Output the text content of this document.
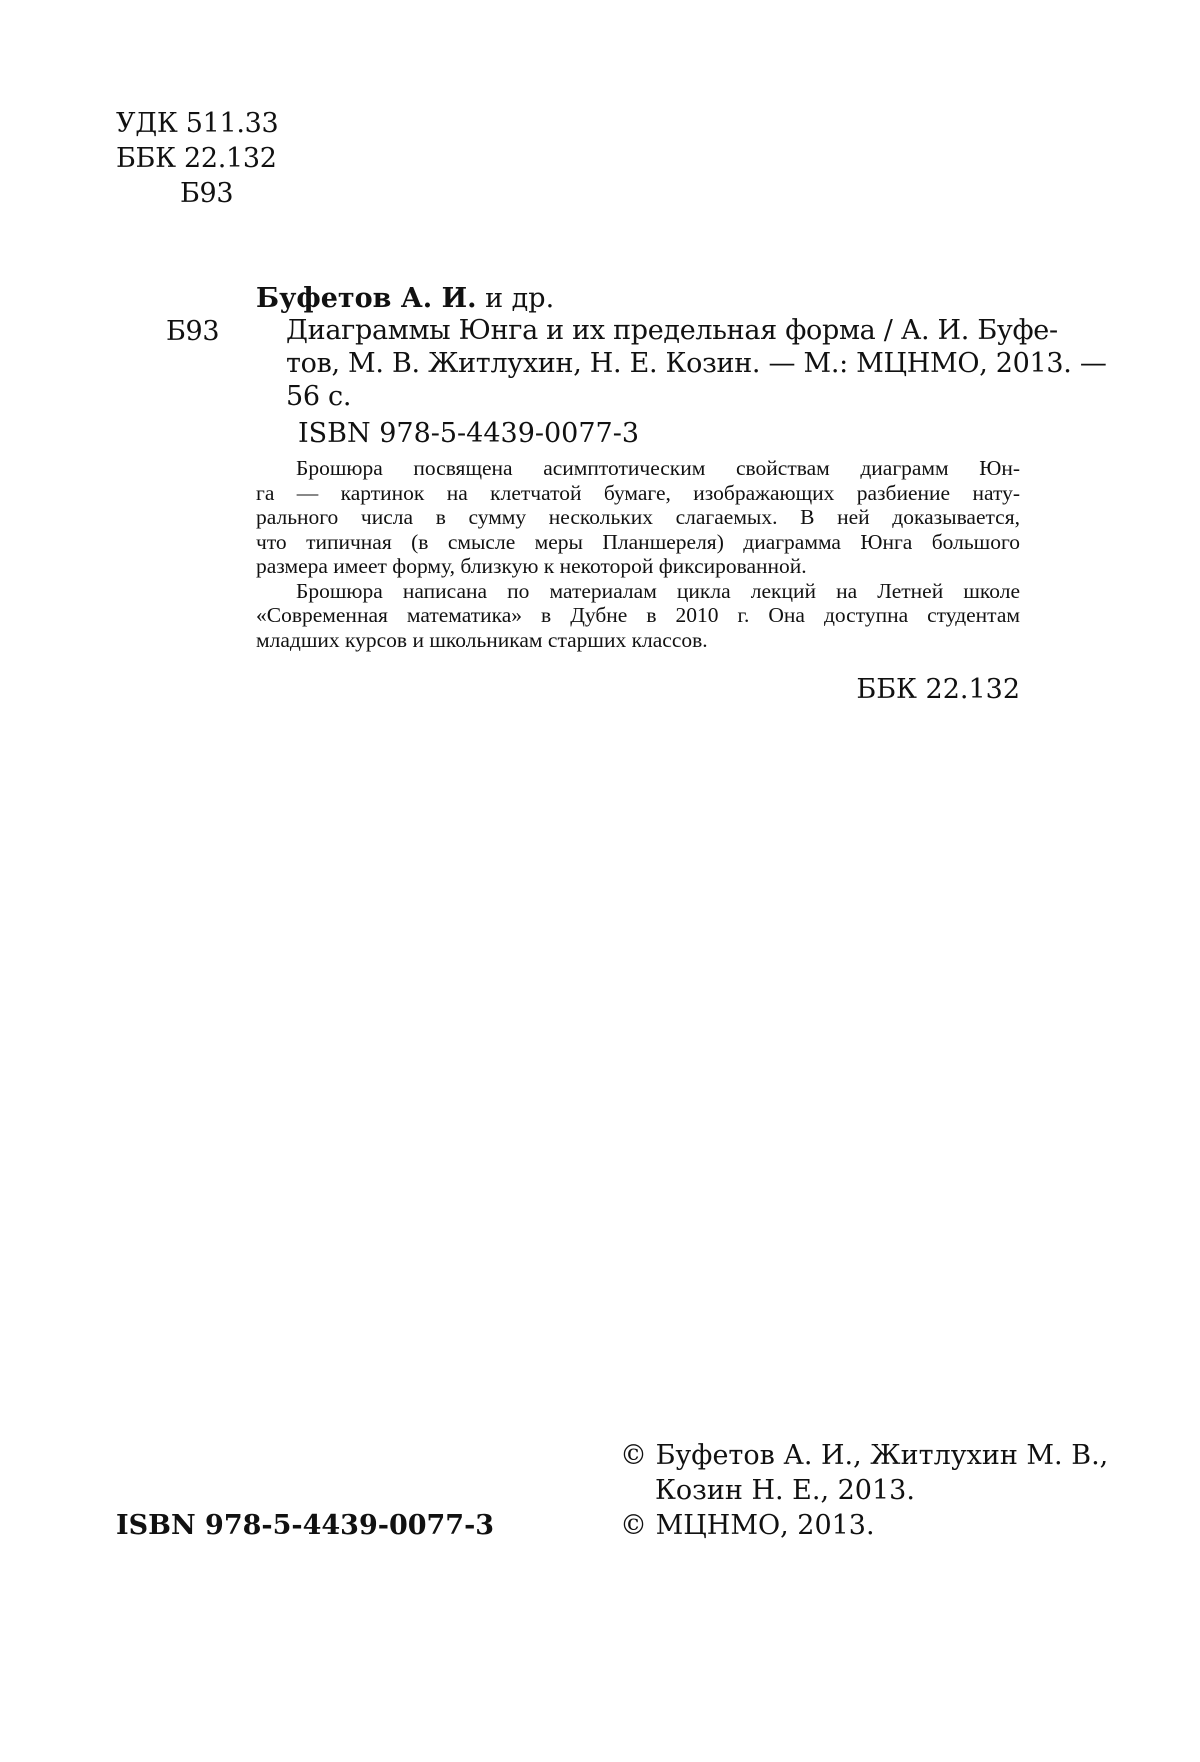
УДК 511.33
ББК 22.132
Б93
Буфетов А. И. и др.
Б93 Диаграммы Юнга и их предельная форма / А. И. Буфе-
тов, М. В. Житлухин, Н. Е. Козин. — М.: МЦНМО, 2013. —
56 с.
ISBN 978-5-4439-0077-3
Брошюра посвящена асимптотическим свойствам диаграмм Юн-
га — картинок на клетчатой бумаге, изображающих разбиение нату-
рального числа в сумму нескольких слагаемых. В ней доказывается,
что типичная (в смысле меры Планшереля) диаграмма Юнга большого
размера имеет форму, близкую к некоторой фиксированной.
Брошюра написана по материалам цикла лекций на Летней школе
«Современная математика» в Дубне в 2010 г. Она доступна студентам
младших курсов и школьникам старших классов.
ББК 22.132
© Буфетов А. И., Житлухин М. В.,
Козин Н. Е., 2013.
© МЦНМО, 2013.
ISBN 978-5-4439-0077-3
